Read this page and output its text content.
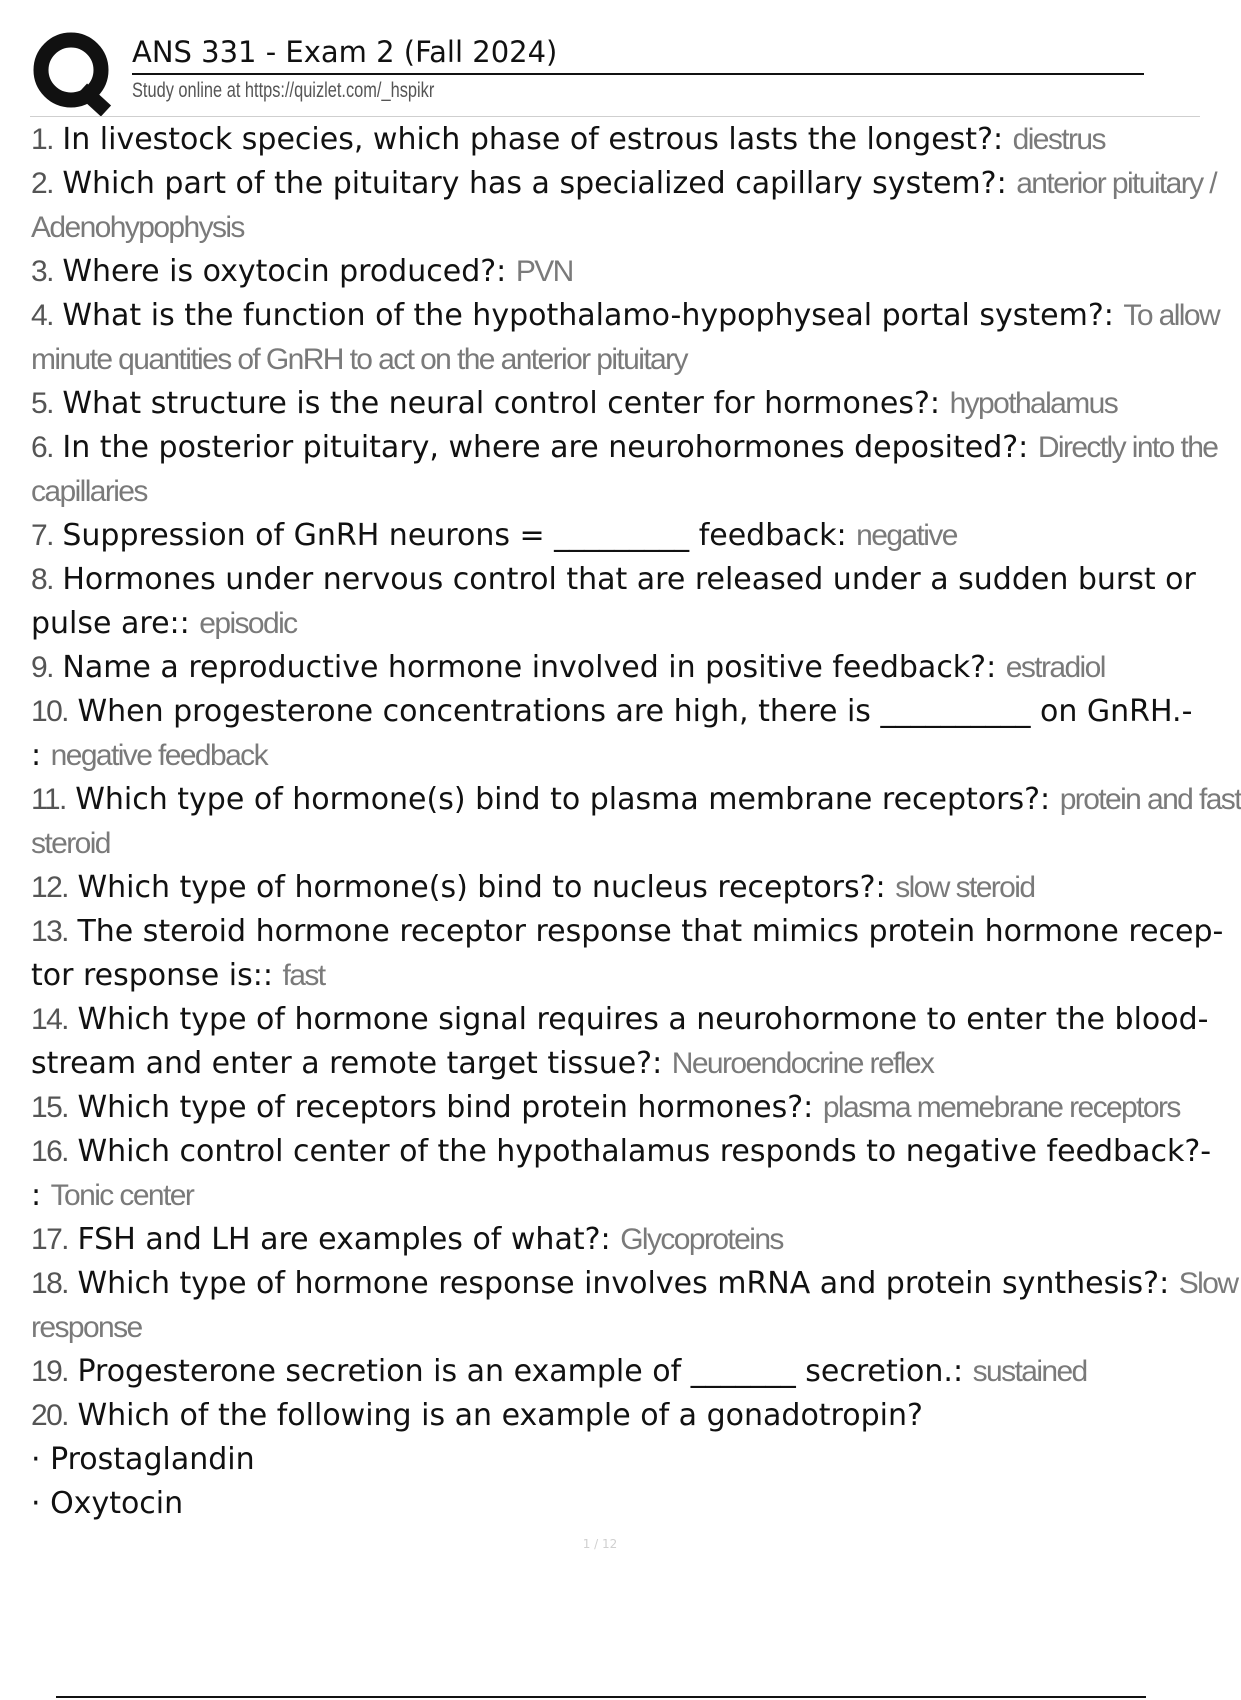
ANS 331 - Exam 2 (Fall 2024)
Study online at https://quizlet.com/_hspikr

1. In livestock species, which phase of estrous lasts the longest?: diestrus

2. Which part of the pituitary has a specialized capillary system?: anterior pituitary /
Adenohypophysis

3. Where is oxytocin produced?: PVN

4. What is the function of the hypothalamo-hypophyseal portal system?: To allow
minute quantities of GnRH to act on the anterior pituitary

5. What structure is the neural control center for hormones?: hypothalamus

6. In the posterior pituitary, where are neurohormones deposited?: Directly into the
capillaries

7. Suppression of GnRH neurons = _________ feedback: negative

8. Hormones under nervous control that are released under a sudden burst or
pulse are:: episodic

9. Name a reproductive hormone involved in positive feedback?: estradiol

10. When progesterone concentrations are high, there is __________ on GnRH.-
: negative feedback

11. Which type of hormone(s) bind to plasma membrane receptors?: protein and fast
steroid

12. Which type of hormone(s) bind to nucleus receptors?: slow steroid

13. The steroid hormone receptor response that mimics protein hormone recep-
tor response is:: fast

14. Which type of hormone signal requires a neurohormone to enter the blood-
stream and enter a remote target tissue?: Neuroendocrine reflex

15. Which type of receptors bind protein hormones?: plasma memebrane receptors

16. Which control center of the hypothalamus responds to negative feedback?-
: Tonic center

17. FSH and LH are examples of what?: Glycoproteins

18. Which type of hormone response involves mRNA and protein synthesis?: Slow
response

19. Progesterone secretion is an example of _______ secretion.: sustained

20. Which of the following is an example of a gonadotropin?

· Prostaglandin

· Oxytocin

1 / 12
